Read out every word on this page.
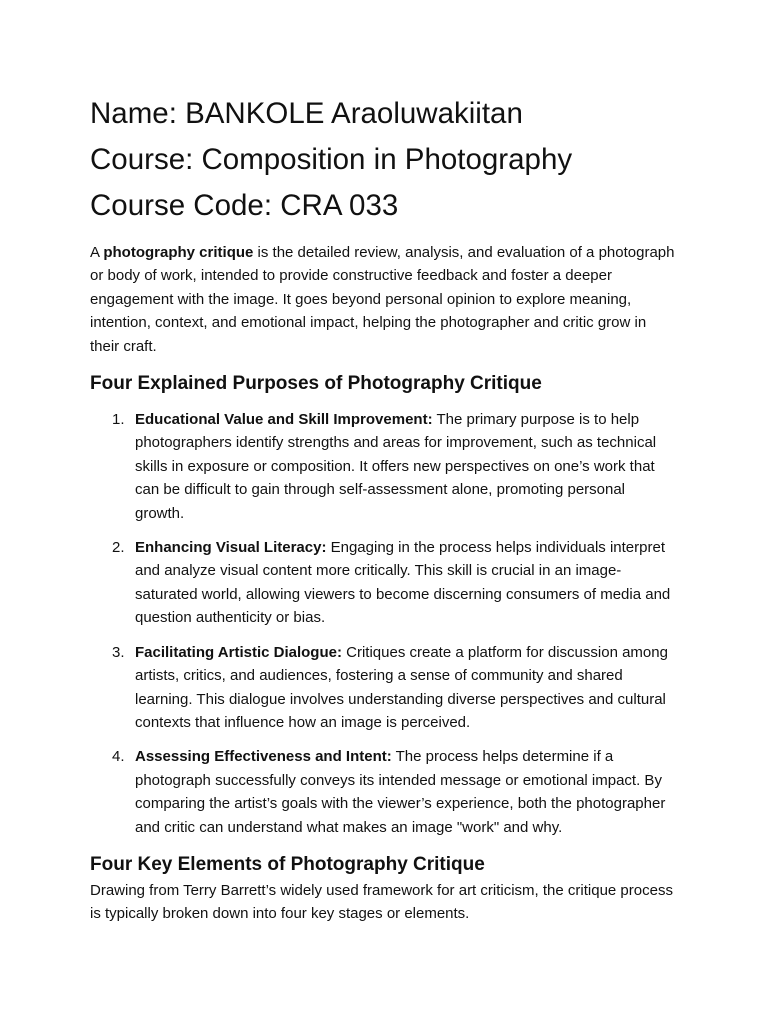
Name: BANKOLE Araoluwakiitan

Course: Composition in Photography

Course Code: CRA 033

A photography critique is the detailed review, analysis, and evaluation of a photograph or body of work, intended to provide constructive feedback and foster a deeper engagement with the image. It goes beyond personal opinion to explore meaning, intention, context, and emotional impact, helping the photographer and critic grow in their craft.

Four Explained Purposes of Photography Critique
1. Educational Value and Skill Improvement: The primary purpose is to help photographers identify strengths and areas for improvement, such as technical skills in exposure or composition. It offers new perspectives on one’s work that can be difficult to gain through self-assessment alone, promoting personal growth.
2. Enhancing Visual Literacy: Engaging in the process helps individuals interpret and analyze visual content more critically. This skill is crucial in an image-saturated world, allowing viewers to become discerning consumers of media and question authenticity or bias.
3. Facilitating Artistic Dialogue: Critiques create a platform for discussion among artists, critics, and audiences, fostering a sense of community and shared learning. This dialogue involves understanding diverse perspectives and cultural contexts that influence how an image is perceived.
4. Assessing Effectiveness and Intent: The process helps determine if a photograph successfully conveys its intended message or emotional impact. By comparing the artist’s goals with the viewer’s experience, both the photographer and critic can understand what makes an image "work" and why.
Four Key Elements of Photography Critique

Drawing from Terry Barrett’s widely used framework for art criticism, the critique process is typically broken down into four key stages or elements.
